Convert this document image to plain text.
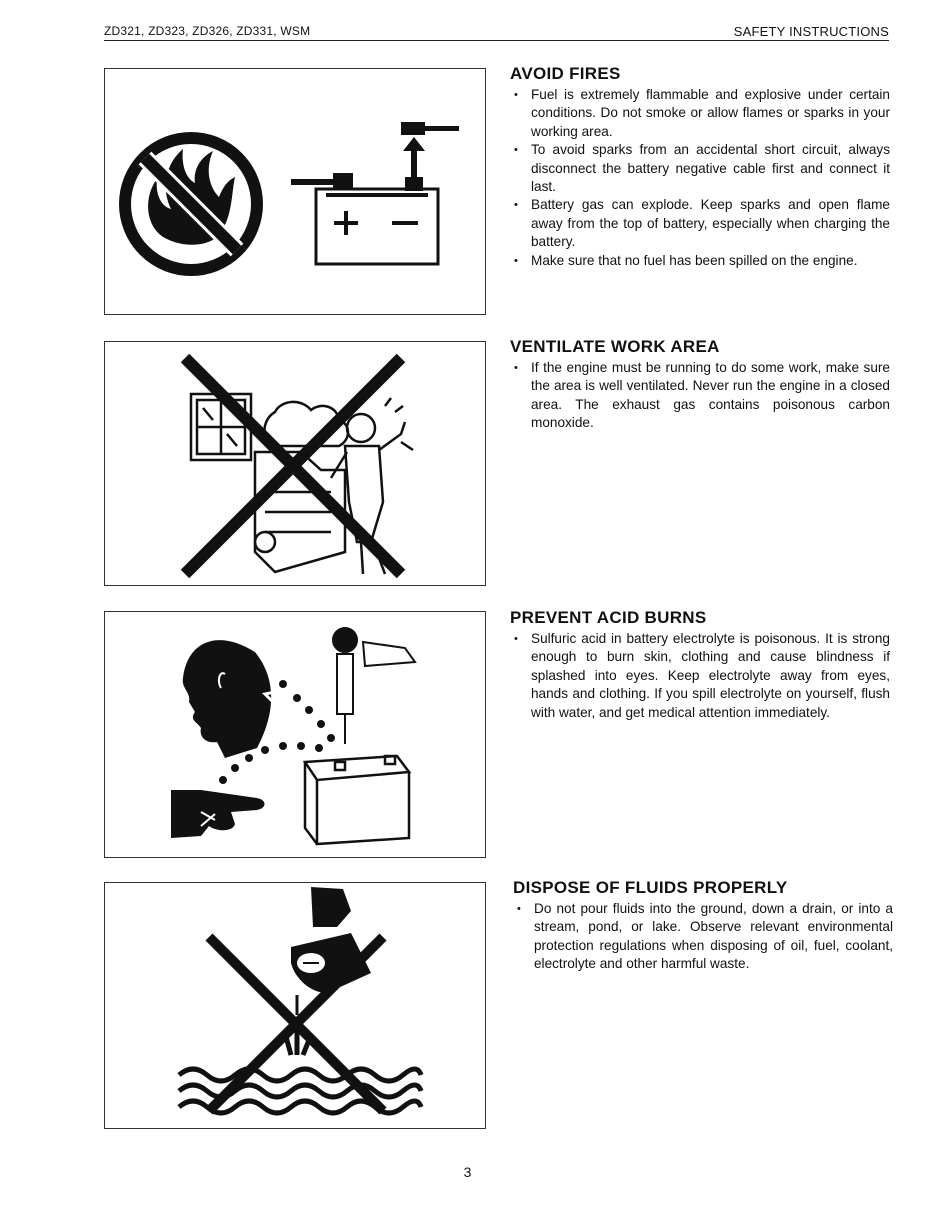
ZD321, ZD323, ZD326, ZD331, WSM	SAFETY INSTRUCTIONS
AVOID FIRES
• Fuel is extremely flammable and explosive under certain conditions. Do not smoke or allow flames or sparks in your working area.
• To avoid sparks from an accidental short circuit, always disconnect the battery negative cable first and connect it last.
• Battery gas can explode. Keep sparks and open flame away from the top of battery, especially when charging the battery.
• Make sure that no fuel has been spilled on the engine.
VENTILATE WORK AREA
• If the engine must be running to do some work, make sure the area is well ventilated. Never run the engine in a closed area. The exhaust gas contains poisonous carbon monoxide.
PREVENT ACID BURNS
• Sulfuric acid in battery electrolyte is poisonous. It is strong enough to burn skin, clothing and cause blindness if splashed into eyes. Keep electrolyte away from eyes, hands and clothing. If you spill electrolyte on yourself, flush with water, and get medical attention immediately.
DISPOSE OF FLUIDS PROPERLY
• Do not pour fluids into the ground, down a drain, or into a stream, pond, or lake. Observe relevant environmental protection regulations when disposing of oil, fuel, coolant, electrolyte and other harmful waste.
3
